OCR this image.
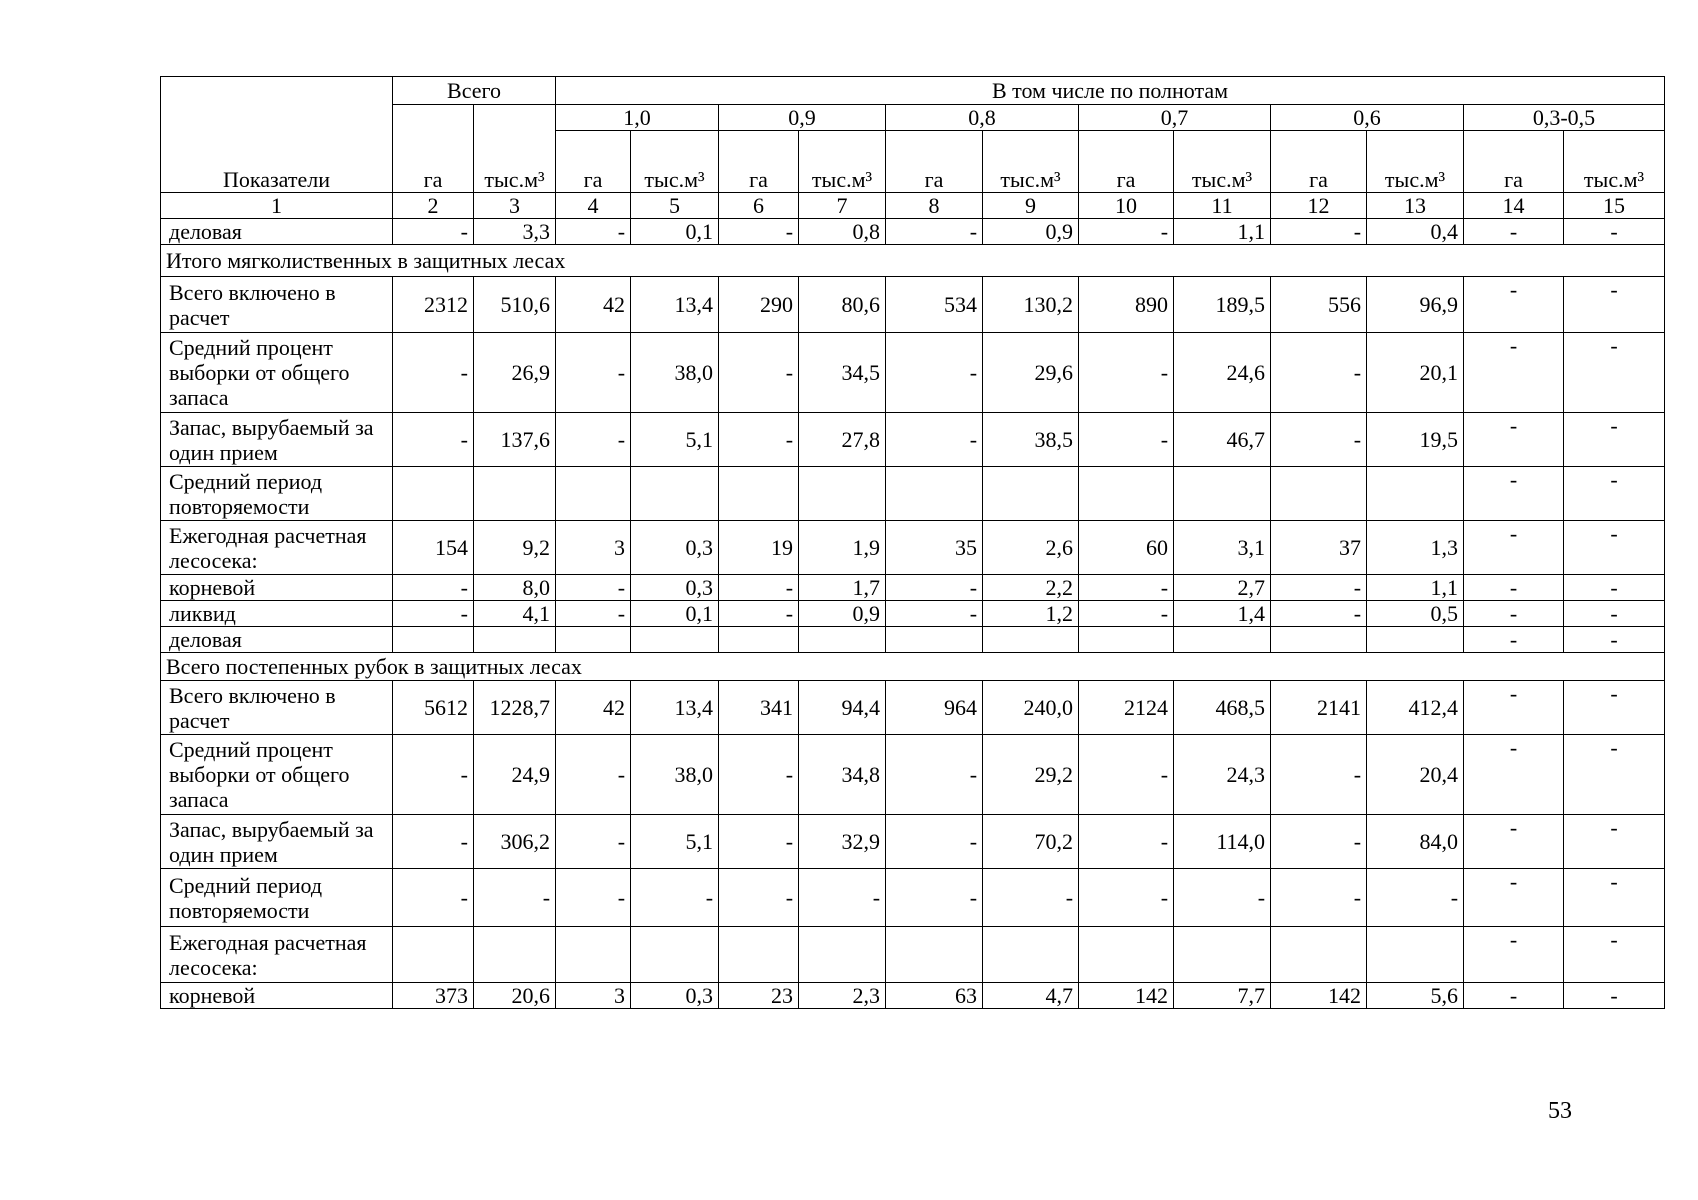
Показатели	Всего		В том числе по полнотам											
	га	тыс.м³	1,0		0,9		0,8		0,7		0,6		0,3-0,5	
			га	тыс.м³	га	тыс.м³	га	тыс.м³	га	тыс.м³	га	тыс.м³	га	тыс.м³
1	2	3	4	5	6	7	8	9	10	11	12	13	14	15
деловая	-	3,3	-	0,1	-	0,8	-	0,9	-	1,1	-	0,4	-	-
Итого мягколиственных в защитных лесах														
Всего включено в расчет	2312	510,6	42	13,4	290	80,6	534	130,2	890	189,5	556	96,9	-	-
Средний процент выборки от общего запаса	-	26,9	-	38,0	-	34,5	-	29,6	-	24,6	-	20,1	-	-
Запас, вырубаемый за один прием	-	137,6	-	5,1	-	27,8	-	38,5	-	46,7	-	19,5	-	-
Средний период повторяемости													-	-
Ежегодная расчетная лесосека:	154	9,2	3	0,3	19	1,9	35	2,6	60	3,1	37	1,3	-	-
корневой	-	8,0	-	0,3	-	1,7	-	2,2	-	2,7	-	1,1	-	-
ликвид	-	4,1	-	0,1	-	0,9	-	1,2	-	1,4	-	0,5	-	-
деловая													-	-
Всего постепенных рубок в защитных лесах														
Всего включено в расчет	5612	1228,7	42	13,4	341	94,4	964	240,0	2124	468,5	2141	412,4	-	-
Средний процент выборки от общего запаса	-	24,9	-	38,0	-	34,8	-	29,2	-	24,3	-	20,4	-	-
Запас, вырубаемый за один прием	-	306,2	-	5,1	-	32,9	-	70,2	-	114,0	-	84,0	-	-
Средний период повторяемости	-	-	-	-	-	-	-	-	-	-	-	-	-	-
Ежегодная расчетная лесосека:													-	-
корневой	373	20,6	3	0,3	23	2,3	63	4,7	142	7,7	142	5,6	-	-
53
